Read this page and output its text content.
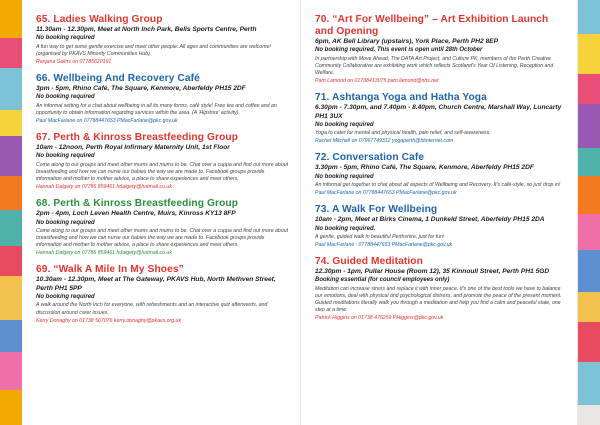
65. Ladies Walking Group
11.30am - 12.30pm, Meet at North Inch Park, Bells Sports Centre, Perth
No booking required
A fun way to get some gentle exercise and meet other people. All ages and communities are welcome! (organised by PKAVS Minority Communities Hub).
Ranjana Salins on 07785620191
66. Wellbeing And Recovery Café
3pm - 5pm, Rhino Café, The Square, Kenmore, Aberfeldy PH15 2DF
No booking required
An informal setting for a chat about wellbeing in all its many forms, café style! Free tea and coffee and an opportunity to obtain information regarding services within the area. (A 'Hipshire' activity).
Paul MacFarlane on 07788447653 PMacFarlane@pkc.gov.uk
67. Perth & Kinross Breastfeeding Group
10am - 12noon, Perth Royal Infirmary Maternity Unit, 1st Floor
No booking required
Come along to our groups and meet other mums and mums to be. Chat over a cuppa and find out more about breastfeeding and how we can nurse our babies the way we are made to. Facebook groups provide information and mother to mother advice, a place to share experiences and meet others.
Hannah Dalgety on 07786 859461 hdalgety@hotmail.co.uk
68. Perth & Kinross Breastfeeding Group
2pm - 4pm, Loch Leven Health Centre, Muirs, Kinross KY13 8FP
No booking required
Come along to our groups and meet other mums and mums to be. Chat over a cuppa and find out more about breastfeeding and how we can nurse our babies the way we are made to. Facebook groups provide information and mother to mother advice, a place to share experiences and meet others.
Hannah Dalgety on 07786 859461 hdalgety@hotmail.co.uk
69. “Walk A Mile In My Shoes”
10.30am - 12.30pm, Meet at The Gateway, PKAVS Hub, North Methven Street, Perth PH1 5PP
No booking required
A walk around the North Inch for everyone, with refreshments and an interactive quiz afterwards, and discussion around carer issues.
Kerry Donaghy on 01738 567076 kerry.donaghy@pkavs.org.uk
70. “Art For Wellbeing” – Art Exhibition Launch and Opening
6pm, AK Bell Library (upstairs), York Place, Perth PH2 8EP
No booking required. This event is open until 28th October
In partnership with Move Ahead, The DATA Art Project, and Culture PK, members of the Perth Creative Community Collaborative are exhibiting work which reflects Scotland's Year Of Listening, Reception and Welfare.
Pam Lamond on 01738413075 pam.lamond@nhs.net
71. Ashtanga Yoga and Hatha Yoga
6.30pm - 7.30pm, and 7.40pm - 8.40pm, Church Centre, Marshall Way, Luncarty PH1 3UX
No booking required
Yoga to cater for mental and physical health, pain relief, and self-awareness.
Rachel Mitchell on 07967749312 yogaperth@btinternet.com
72. Conversation Cafe
3.30pm - 5pm, Rhino Café, The Square, Kenmore, Aberfeldy PH15 2DF
No booking required
An informal get together to chat about all aspects of Wellbeing and Recovery. It's café-style, so just drop in!
Paul MacFarlane on 07788447653 PMacFarlane@pkc.gov.uk
73. A Walk For Wellbeing
10am - 2pm, Meet at Birks Cinema, 1 Dunkeld Street, Aberfeldy PH15 2DA
No booking required.
A gentle, guided walk in beautiful Perthshire, just for fun!
Paul MacFarlane : 07788447653 PMacFarlane@pkc.gov.uk
74. Guided Meditation
12.30pm - 1pm, Pullar House (Room 12), 35 Kinnoull Street, Perth PH1 5GD
Booking essential (for council employees only)
Meditation can increase stress and replace it with inner peace. It's one of the best tools we have to balance our emotions, deal with physical and psychological distress, and promote the peace of the present moment. Guided meditations literally walk you through a meditation and help you find a calm and peaceful state, one step at a time.
Patrick Higgins on 01738 475259 PHiggins@pkc.gov.uk
